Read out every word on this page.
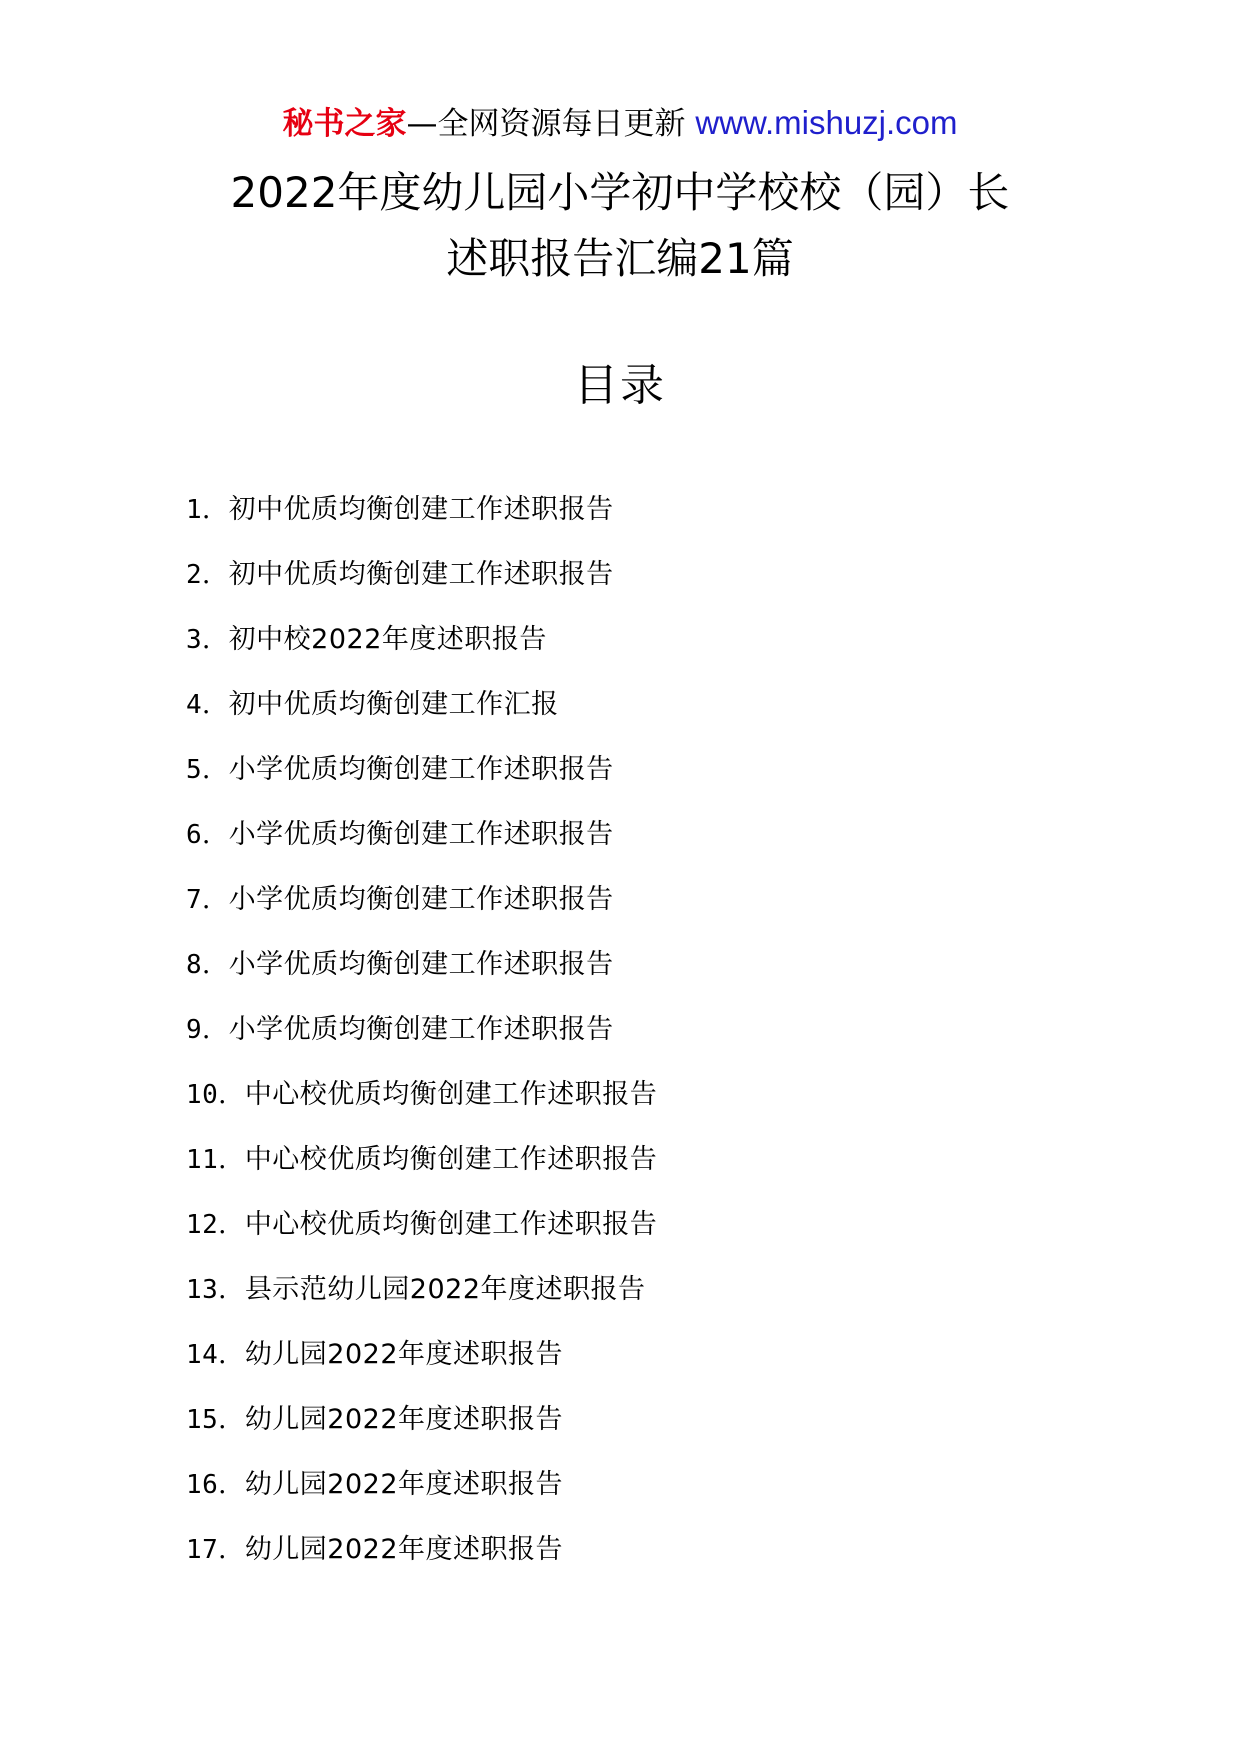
秘书之家—全网资源每日更新 www.mishuzj.com
2022年度幼儿园小学初中学校校（园）长
述职报告汇编21篇
目录
1．初中优质均衡创建工作述职报告
2．初中优质均衡创建工作述职报告
3．初中校2022年度述职报告
4．初中优质均衡创建工作汇报
5．小学优质均衡创建工作述职报告
6．小学优质均衡创建工作述职报告
7．小学优质均衡创建工作述职报告
8．小学优质均衡创建工作述职报告
9．小学优质均衡创建工作述职报告
10．中心校优质均衡创建工作述职报告
11．中心校优质均衡创建工作述职报告
12．中心校优质均衡创建工作述职报告
13．县示范幼儿园2022年度述职报告
14．幼儿园2022年度述职报告
15．幼儿园2022年度述职报告
16．幼儿园2022年度述职报告
17．幼儿园2022年度述职报告
